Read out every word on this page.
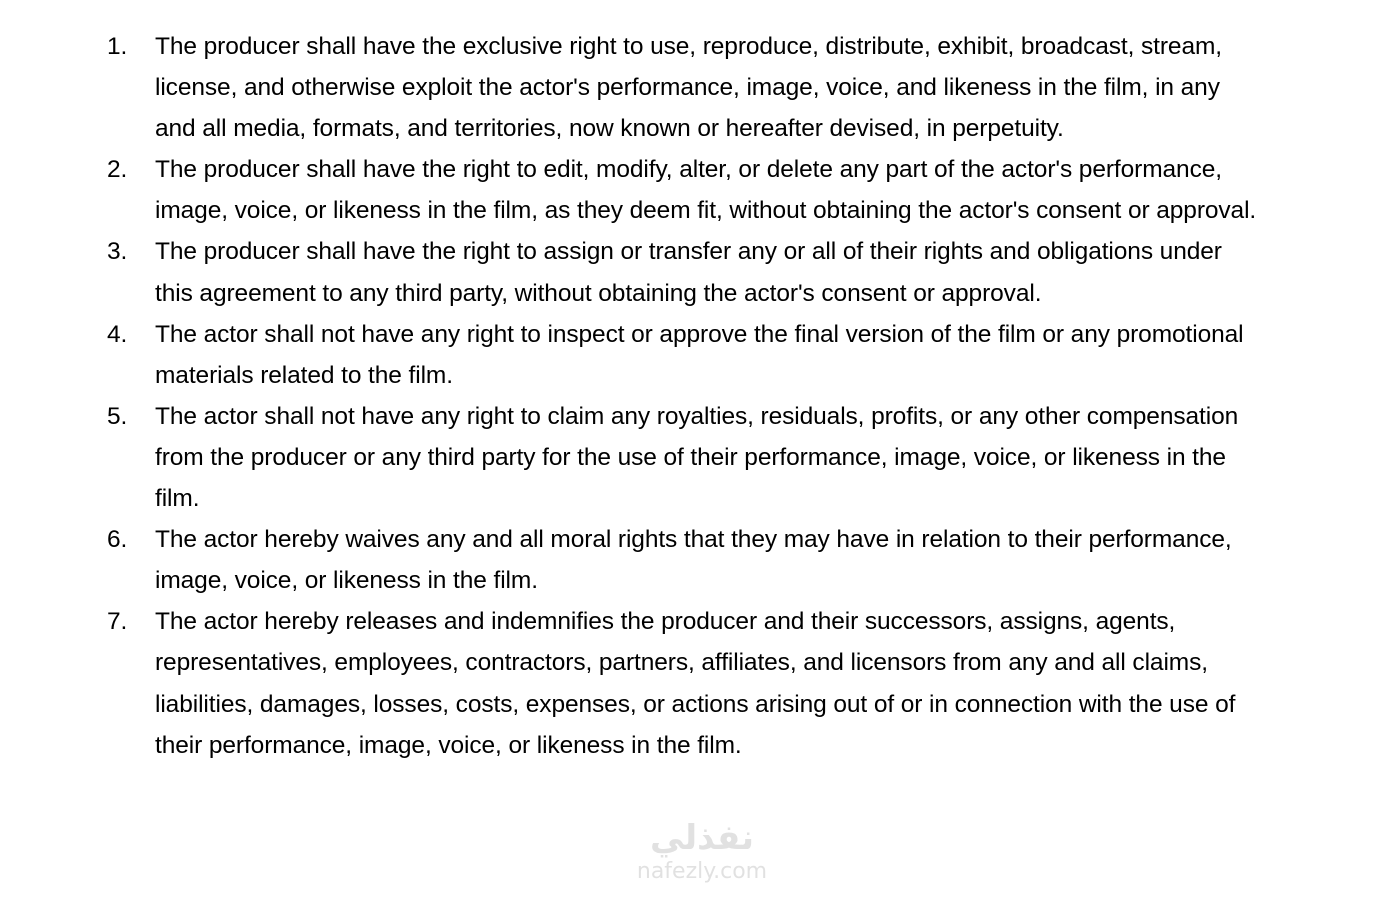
1.	The producer shall have the exclusive right to use, reproduce, distribute, exhibit, broadcast, stream, license, and otherwise exploit the actor's performance, image, voice, and likeness in the film, in any and all media, formats, and territories, now known or hereafter devised, in perpetuity.
2.	The producer shall have the right to edit, modify, alter, or delete any part of the actor's performance, image, voice, or likeness in the film, as they deem fit, without obtaining the actor's consent or approval.
3.	The producer shall have the right to assign or transfer any or all of their rights and obligations under this agreement to any third party, without obtaining the actor's consent or approval.
4.	The actor shall not have any right to inspect or approve the final version of the film or any promotional materials related to the film.
5.	The actor shall not have any right to claim any royalties, residuals, profits, or any other compensation from the producer or any third party for the use of their performance, image, voice, or likeness in the film.
6.	The actor hereby waives any and all moral rights that they may have in relation to their performance, image, voice, or likeness in the film.
7.	The actor hereby releases and indemnifies the producer and their successors, assigns, agents, representatives, employees, contractors, partners, affiliates, and licensors from any and all claims, liabilities, damages, losses, costs, expenses, or actions arising out of or in connection with the use of their performance, image, voice, or likeness in the film.
نفذلي
nafezly.com
